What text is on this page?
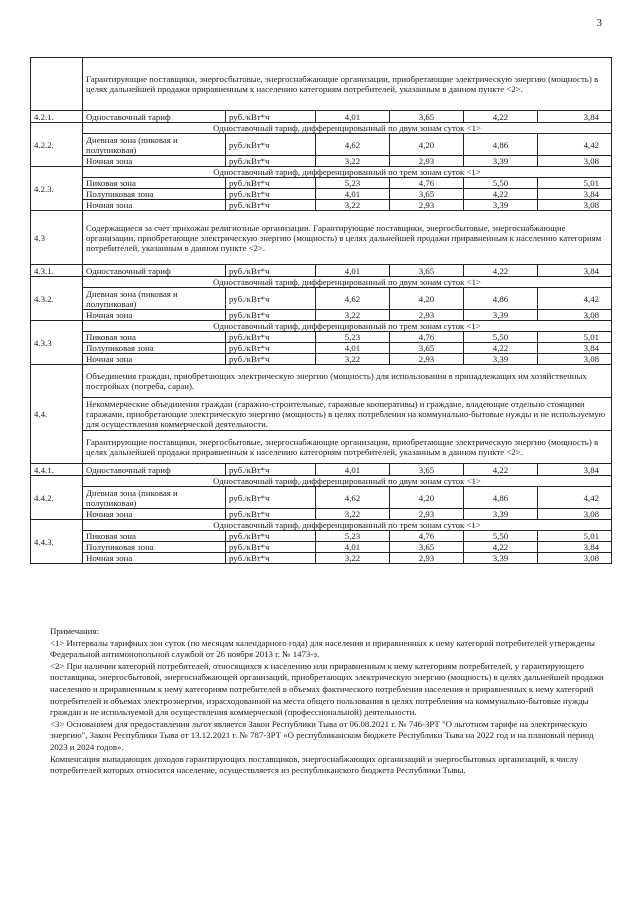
3
	Гарантирующие поставщики, энергосбытовые, энергоснабжающие организации, приобретающие электрическую энергию (мощность) в целях дальнейшей продажи приравненным к населению категориям потребителей, указанным в данном пункте <2>.					
4.2.1.	Одноставочный тариф	руб./кВт*ч	4,01	3,65	4,22	3,84
4.2.2.	Одноставочный тариф, дифференцированный по двум зонам суток <1>					
	Дневная зона (пиковая и полупиковая)	руб./кВт*ч	4,62	4,20	4,86	4,42
	Ночная зона	руб./кВт*ч	3,22	2,93	3,39	3,08
4.2.3.	Одноставочный тариф, дифференцированный по трем зонам суток <1>					
	Пиковая зона	руб./кВт*ч	5,23	4,76	5,50	5,01
	Полупиковая зона	руб./кВт*ч	4,01	3,65	4,22	3,84
	Ночная зона	руб./кВт*ч	3,22	2,93	3,39	3,08
4.3	Содержащиеся за счет прихожан религиозные организации. Гарантирующие поставщики, энергосбытовые, энергоснабжающие организации, приобретающие электрическую энергию (мощность) в целях дальнейшей продажи приравненным к населению категориям потребителей, указанным в данном пункте <2>.					
4.3.1.	Одноставочный тариф	руб./кВт*ч	4,01	3,65	4,22	3,84
4.3.2.	Одноставочный тариф, дифференцированный по двум зонам суток <1>					
	Дневная зона (пиковая и полупиковая)	руб./кВт*ч	4,62	4,20	4,86	4,42
	Ночная зона	руб./кВт*ч	3,22	2,93	3,39	3,08
4.3.3	Одноставочный тариф, дифференцированный по трем зонам суток <1>					
	Пиковая зона	руб./кВт*ч	5,23	4,76	5,50	5,01
	Полупиковая зона	руб./кВт*ч	4,01	3,65	4,22	3,84
	Ночная зона	руб./кВт*ч	3,22	2,93	3,39	3,08
4.4.	Объединения граждан, приобретающих электрическую энергию (мощность) для использования в принадлежащих им хозяйственных постройках (погреба, сараи).					
	Некоммерческие объединения граждан (гаражно-строительные, гаражные кооперативы) и граждане, владеющие отдельно стоящими гаражами, приобретающие электрическую энергию (мощность) в целях потребления на коммунально-бытовые нужды и не используемую для осуществления коммерческой деятельности.					
	Гарантирующие поставщики, энергосбытовые, энергоснабжающие организации, приобретающие электрическую энергию (мощность) в целях дальнейшей продажи приравненным к населению категориям потребителей, указанным в данном пункте <2>.					
4.4.1.	Одноставочный тариф	руб./кВт*ч	4,01	3,65	4,22	3,84
4.4.2.	Одноставочный тариф, дифференцированный по двум зонам суток <1>					
	Дневная зона (пиковая и полупиковая)	руб./кВт*ч	4,62	4,20	4,86	4,42
	Ночная зона	руб./кВт*ч	3,22	2,93	3,39	3,08
4.4.3.	Одноставочный тариф, дифференцированный по трем зонам суток <1>					
	Пиковая зона	руб./кВт*ч	5,23	4,76	5,50	5,01
	Полупиковая зона	руб./кВт*ч	4,01	3,65	4,22	3,84
	Ночная зона	руб./кВт*ч	3,22	2,93	3,39	3,08

Примечания:

<1> Интервалы тарифных зон суток (по месяцам календарного года) для населения и приравненных к нему категорий потребителей утверждены Федеральной антимонопольной службой от 26 ноября 2013 г. № 1473-э.

<2> При наличии категорий потребителей, относящихся к населению или приравненным к нему категориям потребителей, у гарантирующего поставщика, энергосбытовой, энергоснабжающей организаций, приобретающих электрическую энергию (мощность) в целях дальнейшей продажи населению и приравненным к нему категориям потребителей в объемах фактического потребления населения и приравненных к нему категорий потребителей и объемах электроэнергии, израсходованной на места общего пользования в целях потребления на коммунально-бытовые нужды граждан и не используемой для осуществления коммерческой (профессиональной) деятельности.

<3> Основанием для предоставления льгот является Закон Республики Тыва от 06.08.2021 г. № 746-ЗРТ "О льготном тарифе на электрическую энергию", Закон Республики Тыва от 13.12.2021 г. № 787-ЗРТ «О республиканском бюджете Республики Тыва на 2022 год и на плановый период 2023 и 2024 годов».

Компенсация выпадающих доходов гарантирующих поставщиков, энергоснабжающих организаций и энергосбытовых организаций, к числу потребителей которых относится население, осуществляется из республиканского бюджета Республики Тывы.
